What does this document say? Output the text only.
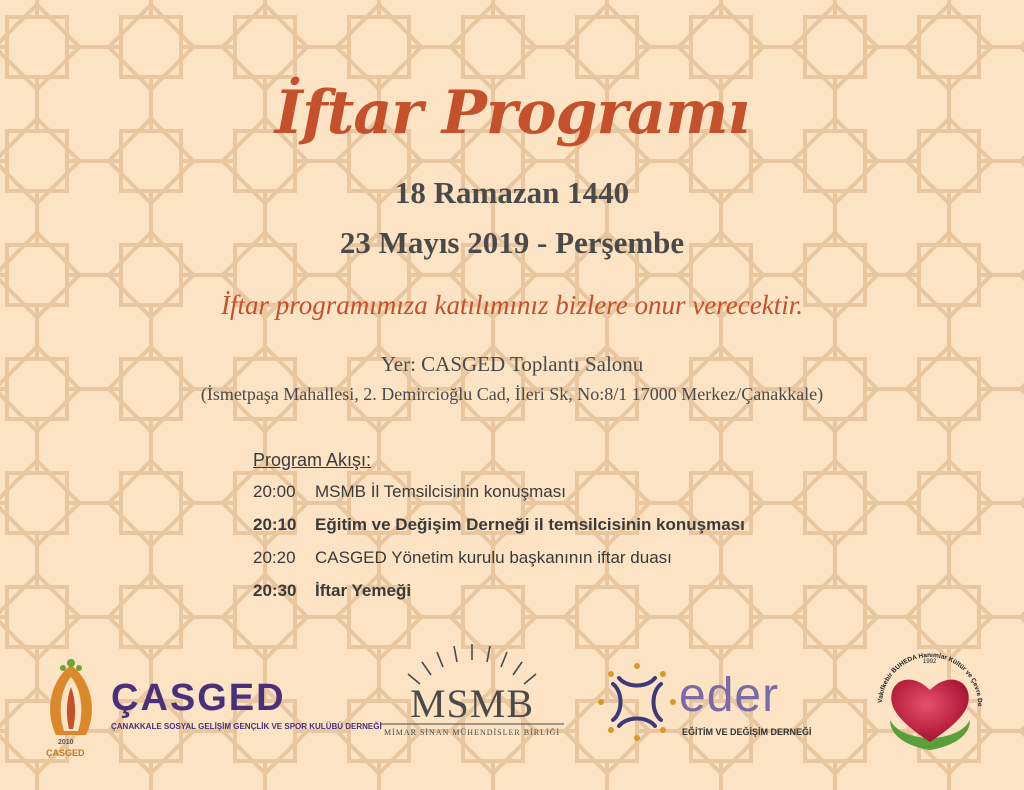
İftar Programı
18 Ramazan 1440
23 Mayıs 2019 - Perşembe
İftar programımıza katılımınız bizlere onur verecektir.
Yer: CASGED Toplantı Salonu
(İsmetpaşa Mahallesi, 2. Demircioğlu Cad, İleri Sk, No:8/1 17000 Merkez/Çanakkale)
Program Akışı:
20:00	MSMB İl Temsilcisinin konuşması
20:10	Eğitim ve Değişim Derneği il temsilcisinin konuşması
20:20	CASGED Yönetim kurulu başkanının iftar duası
20:30	İftar Yemeği
ÇASGED
ÇANAKKALE SOSYAL GELİŞİM GENÇLİK VE SPOR KULÜBÜ DERNEĞİ
2010
ÇASGED
MSMB
MİMAR SİNAN MÜHENDİSLER BİRLİĞİ
eder
EĞİTİM VE DEĞİŞİM DERNEĞİ
Vakıfkebir BUHEDA Hanımlar Kültür ve Çevre De
1992
